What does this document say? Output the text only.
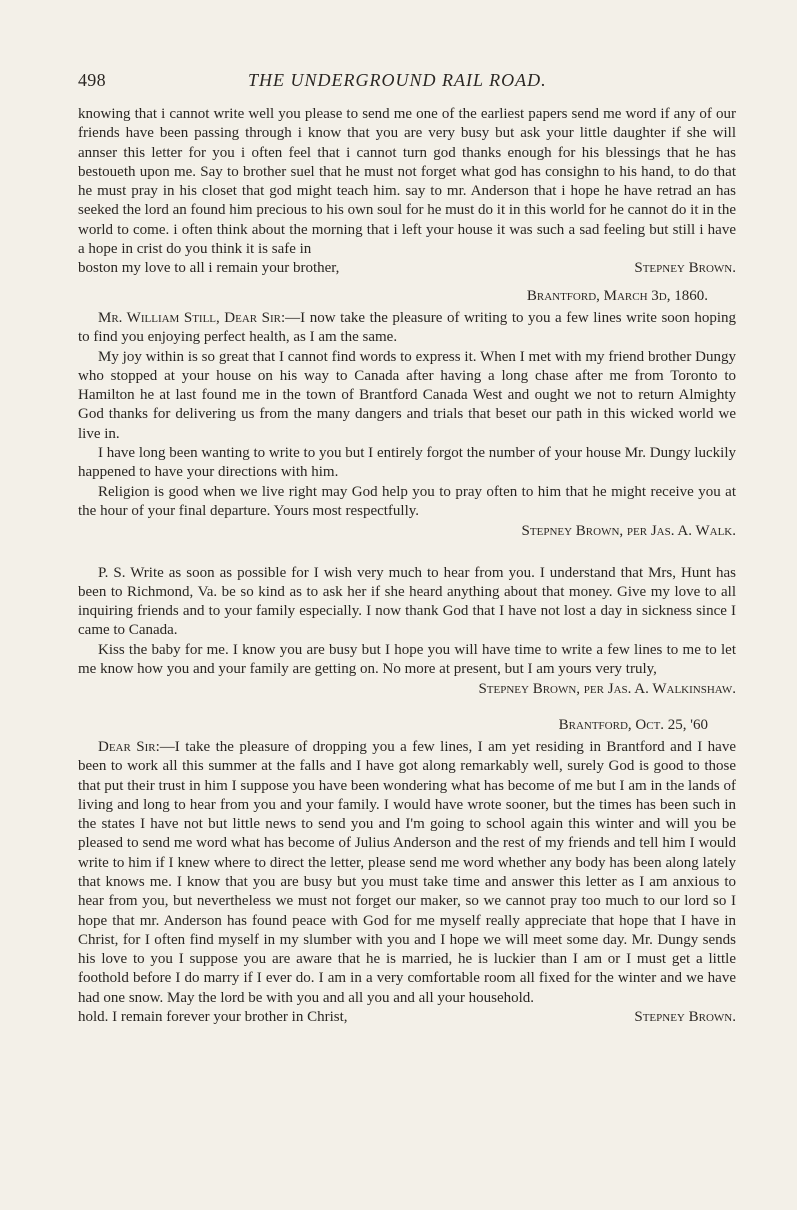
498	THE UNDERGROUND RAIL ROAD.

knowing that i cannot write well you please to send me one of the earliest papers send me word if any of our friends have been passing through i know that you are very busy but ask your little daughter if she will annser this letter for you i often feel that i cannot turn god thanks enough for his blessings that he has bestoueth upon me. Say to brother suel that he must not forget what god has consighn to his hand, to do that he must pray in his closet that god might teach him. say to mr. Anderson that i hope he have retrad an has seeked the lord an found him precious to his own soul for he must do it in this world for he cannot do it in the world to come. i often think about the morning that i left your house it was such a sad feeling but still i have a hope in crist do you think it is safe in

boston my love to all i remain your brother,	Stepney Brown.
Brantford, March 3d, 1860.

Mr. William Still, Dear Sir:—I now take the pleasure of writing to you a few lines write soon hoping to find you enjoying perfect health, as I am the same.

My joy within is so great that I cannot find words to express it. When I met with my friend brother Dungy who stopped at your house on his way to Canada after having a long chase after me from Toronto to Hamilton he at last found me in the town of Brantford Canada West and ought we not to return Almighty God thanks for delivering us from the many dangers and trials that beset our path in this wicked world we live in.

I have long been wanting to write to you but I entirely forgot the number of your house Mr. Dungy luckily happened to have your directions with him.

Religion is good when we live right may God help you to pray often to him that he might receive you at the hour of your final departure. Yours most respectfully.

Stepney Brown, per Jas. A. Walk.

P. S. Write as soon as possible for I wish very much to hear from you. I understand that Mrs, Hunt has been to Richmond, Va. be so kind as to ask her if she heard anything about that money. Give my love to all inquiring friends and to your family especially. I now thank God that I have not lost a day in sickness since I came to Canada.

Kiss the baby for me. I know you are busy but I hope you will have time to write a few lines to me to let me know how you and your family are getting on. No more at present, but I am yours very truly,

Stepney Brown, per Jas. A. Walkinshaw.
Brantford, Oct. 25, '60

Dear Sir:—I take the pleasure of dropping you a few lines, I am yet residing in Brantford and I have been to work all this summer at the falls and I have got along remarkably well, surely God is good to those that put their trust in him I suppose you have been wondering what has become of me but I am in the lands of living and long to hear from you and your family. I would have wrote sooner, but the times has been such in the states I have not but little news to send you and I'm going to school again this winter and will you be pleased to send me word what has become of Julius Anderson and the rest of my friends and tell him I would write to him if I knew where to direct the letter, please send me word whether any body has been along lately that knows me. I know that you are busy but you must take time and answer this letter as I am anxious to hear from you, but nevertheless we must not forget our maker, so we cannot pray too much to our lord so I hope that mr. Anderson has found peace with God for me myself really appreciate that hope that I have in Christ, for I often find myself in my slumber with you and I hope we will meet some day. Mr. Dungy sends his love to you I suppose you are aware that he is married, he is luckier than I am or I must get a little foothold before I do marry if I ever do. I am in a very comfortable room all fixed for the winter and we have had one snow. May the lord be with you and all you and all your household.

hold. I remain forever your brother in Christ,	Stepney Brown.
